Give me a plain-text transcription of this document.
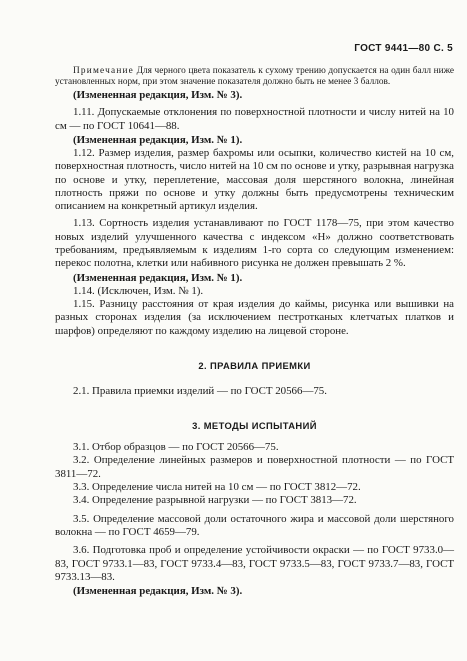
ГОСТ 9441—80 С. 5

Примечание Для черного цвета показатель к сухому трению допускается на один балл ниже установленных норм, при этом значение показателя должно быть не менее 3 баллов.

(Измененная редакция, Изм. № 3).

1.11. Допускаемые отклонения по поверхностной плотности и числу нитей на 10 см — по ГОСТ 10641—88.

(Измененная редакция, Изм. № 1).

1.12. Размер изделия, размер бахромы или осыпки, количество кистей на 10 см, поверхностная плотность, число нитей на 10 см по основе и утку, разрывная нагрузка по основе и утку, переплетение, массовая доля шерстяного волокна, линейная плотность пряжи по основе и утку должны быть предусмотрены техническим описанием на конкретный артикул изделия.

1.13. Сортность изделия устанавливают по ГОСТ 1178—75, при этом качество новых изделий улучшенного качества с индексом «Н» должно соответствовать требованиям, предъявляемым к изделиям 1-го сорта со следующим изменением: перекос полотна, клетки или набивного рисунка не должен превышать 2 %.

(Измененная редакция, Изм. № 1).

1.14. (Исключен, Изм. № 1).

1.15. Разницу расстояния от края изделия до каймы, рисунка или вышивки на разных сторонах изделия (за исключением пестротканых клетчатых платков и шарфов) определяют по каждому изделию на лицевой стороне.

2. ПРАВИЛА ПРИЕМКИ

2.1. Правила приемки изделий — по ГОСТ 20566—75.

3. МЕТОДЫ ИСПЫТАНИЙ

3.1. Отбор образцов — по ГОСТ 20566—75.

3.2. Определение линейных размеров и поверхностной плотности — по ГОСТ 3811—72.

3.3. Определение числа нитей на 10 см — по ГОСТ 3812—72.

3.4. Определение разрывной нагрузки — по ГОСТ 3813—72.

3.5. Определение массовой доли остаточного жира и массовой доли шерстяного волокна — по ГОСТ 4659—79.

3.6. Подготовка проб и определение устойчивости окраски — по ГОСТ 9733.0—83, ГОСТ 9733.1—83, ГОСТ 9733.4—83, ГОСТ 9733.5—83, ГОСТ 9733.7—83, ГОСТ 9733.13—83.

(Измененная редакция, Изм. № 3).
